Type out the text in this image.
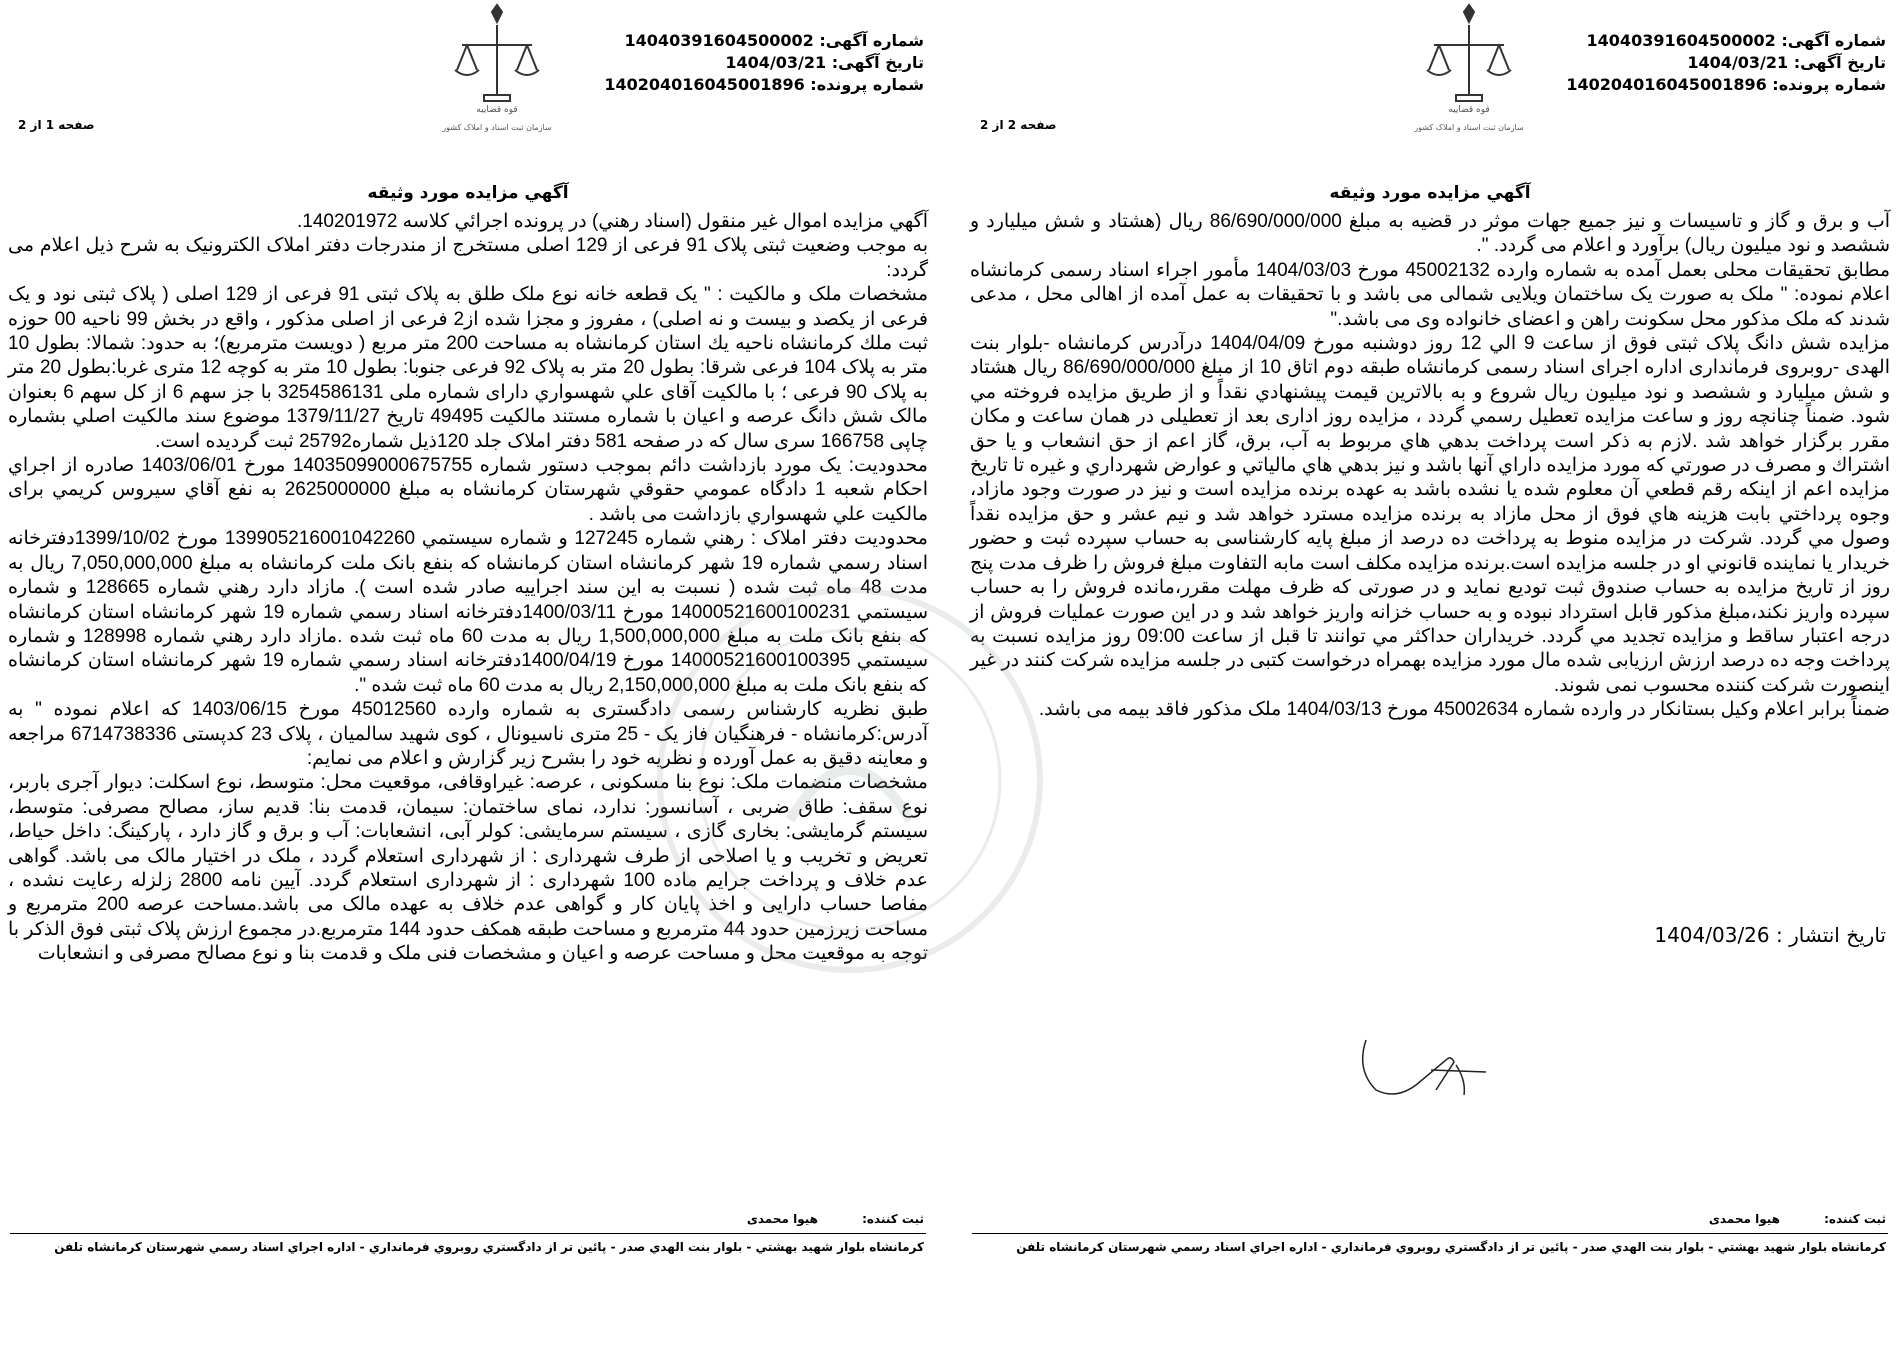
شماره آگهی: 14040391604500002
تاریخ آگهی: 1404/03/21
شماره پرونده: 140204016045001896
قوه قضاییه
سازمان ثبت اسناد و املاک کشور
صفحه 2 از 2
آگهي مزايده مورد وثيقه

آب و برق و گاز و تاسیسات و نیز جمیع جهات موثر در قضیه به مبلغ 86/690/000/000 ریال (هشتاد و شش میلیارد و ششصد و نود میلیون ریال) برآورد و اعلام می گردد. ".

مطابق تحقیقات محلی بعمل آمده به شماره وارده 45002132 مورخ 1404/03/03 مأمور اجراء اسناد رسمی کرمانشاه اعلام نموده: " ملک به صورت یک ساختمان ویلایی شمالی می باشد و با تحقیقات به عمل آمده از اهالی محل ، مدعی شدند که ملک مذکور محل سکونت راهن و اعضای خانواده وی می باشد."

مزايده شش دانگ پلاک ثبتی فوق از ساعت 9 الي 12 روز دوشنبه مورخ 1404/04/09 درآدرس كرمانشاه -بلوار بنت الهدی -روبروی فرمانداری اداره اجرای اسناد رسمی کرمانشاه طبقه دوم اتاق 10 از مبلغ 86/690/000/000 ريال هشتاد و شش میلیارد و ششصد و نود میلیون ريال شروع و به بالاترين قيمت پيشنهادي نقداً و از طريق مزايده فروخته مي شود. ضمناً چنانچه روز و ساعت مزايده تعطيل رسمي گردد ، مزايده روز اداری بعد از تعطيلی در همان ساعت و مكان مقرر برگزار خواهد شد .لازم به ذكر است پرداخت بدهي هاي مربوط به آب، برق، گاز اعم از حق انشعاب و يا حق اشتراك و مصرف در صورتي كه مورد مزايده داراي آنها باشد و نيز بدهي هاي مالياتي و عوارض شهرداري و غيره تا تاريخ مزايده اعم از اينكه رقم قطعي آن معلوم شده يا نشده باشد به عهده برنده مزايده است و نيز در صورت وجود مازاد، وجوه پرداختي بابت هزينه هاي فوق از محل مازاد به برنده مزايده مسترد خواهد شد و نيم عشر و حق مزايده نقداً وصول مي گردد. شرکت در مزايده منوط به پرداخت ده درصد از مبلغ پايه کارشناسی به حساب سپرده ثبت و حضور خريدار يا نماينده قانوني او در جلسه مزايده است.برنده مزايده مکلف است مابه التفاوت مبلغ فروش را ظرف مدت پنج روز از تاريخ مزايده به حساب صندوق ثبت توديع نمايد و در صورتی كه ظرف مهلت مقرر،مانده فروش را به حساب سپرده واريز نکند،مبلغ مذكور قابل استرداد نبوده و به حساب خزانه واريز خواهد شد و در اين صورت عمليات فروش از درجه اعتبار ساقط و مزايده تجديد مي گردد. خريداران حداكثر مي توانند تا قبل از ساعت 09:00 روز مزايده نسبت به پرداخت وجه ده درصد ارزش ارزيابی شده مال مورد مزايده بهمراه درخواست کتبی در جلسه مزايده شرکت کنند در غير اينصورت شرکت کننده محسوب نمی شوند.

ضمناً برابر اعلام وکیل بستانکار در وارده شماره 45002634 مورخ 1404/03/13 ملک مذکور فاقد بیمه می باشد.

تاريخ انتشار : 1404/03/26
ثبت کننده: هیوا محمدی
كرمانشاه بلوار شهيد بهشتي - بلوار بنت الهدي صدر - پائين تر از دادگستري روبروي فرمانداري - اداره اجراي اسناد رسمي شهرستان كرمانشاه تلفن
شماره آگهی: 14040391604500002
تاریخ آگهی: 1404/03/21
شماره پرونده: 140204016045001896
قوه قضاییه
سازمان ثبت اسناد و املاک کشور
صفحه 1 از 2
آگهي مزايده مورد وثيقه

آگهي مزايده اموال غير منقول (اسناد رهني) در پرونده اجرائي كلاسه 140201972.

به موجب وضعیت ثبتی پلاک 91 فرعی از 129 اصلی مستخرج از مندرجات دفتر املاک الکترونیک به شرح ذیل اعلام می گردد:

مشخصات ملک و مالکیت : " یک قطعه خانه نوع ملک طلق به پلاک ثبتی 91 فرعی از 129 اصلی ( پلاک ثبتی نود و یک فرعی از یکصد و بیست و نه اصلی) ، مفروز و مجزا شده از2 فرعی از اصلی مذکور ، واقع در بخش 99 ناحیه 00 حوزه ثبت ملك كرمانشاه ناحیه یك استان كرمانشاه به مساحت 200 متر مربع ( دویست مترمربع)؛ به حدود: شمالا: بطول 10 متر به پلاک 104 فرعی شرقا: بطول 20 متر به پلاک 92 فرعی جنوبا: بطول 10 متر به کوچه 12 متری غربا:بطول 20 متر به پلاک 90 فرعی ؛ با مالکیت آقای علي شهسواري دارای شماره ملی 3254586131 با جز سهم 6 از کل سهم 6 بعنوان مالک شش دانگ عرصه و اعيان با شماره مستند مالکیت 49495 تاریخ 1379/11/27 موضوع سند مالکيت اصلي بشماره چاپی 166758 سری سال که در صفحه 581 دفتر املاک جلد 120ذيل شماره25792 ثبت گرديده است.

محدوديت: يک مورد بازداشت دائم بموجب دستور شماره 14035099000675755 مورخ 1403/06/01 صادره از اجراي احكام شعبه 1 دادگاه عمومي حقوقي شهرستان كرمانشاه به مبلغ 2625000000 به نفع آقاي سيروس كريمي برای مالکيت علي شهسواري بازداشت می باشد .

محدوديت دفتر املاک : رهني شماره 127245 و شماره سيستمي 139905216001042260 مورخ 1399/10/02دفترخانه اسناد رسمي شماره 19 شهر كرمانشاه استان كرمانشاه كه بنفع بانک ملت كرمانشاه به مبلغ 7,050,000,000 ريال به مدت 48 ماه ثبت شده ( نسبت به این سند اجراییه صادر شده است ). مازاد دارد رهني شماره 128665 و شماره سيستمي 14000521600100231 مورخ 1400/03/11دفترخانه اسناد رسمي شماره 19 شهر كرمانشاه استان كرمانشاه كه بنفع بانک ملت به مبلغ 1,500,000,000 ريال به مدت 60 ماه ثبت شده .مازاد دارد رهني شماره 128998 و شماره سيستمي 14000521600100395 مورخ 1400/04/19دفترخانه اسناد رسمي شماره 19 شهر كرمانشاه استان كرمانشاه كه بنفع بانک ملت به مبلغ 2,150,000,000 ريال به مدت 60 ماه ثبت شده ".

طبق نظریه کارشناس رسمی دادگستری به شماره وارده 45012560 مورخ 1403/06/15 که اعلام نموده " به آدرس:كرمانشاه - فرهنگیان فاز یک - 25 متری ناسیونال ، کوی شهید سالمیان ، پلاک 23 کدپستی 6714738336 مراجعه و معاینه دقیق به عمل آورده و نظریه خود را بشرح زیر گزارش و اعلام می نمایم:

مشخصات منضمات ملک: نوع بنا مسکونی ، عرصه: غیراوقافی، موقعیت محل: متوسط، نوع اسکلت: دیوار آجری باربر، نوع سقف: طاق ضربی ، آسانسور: ندارد، نمای ساختمان: سیمان، قدمت بنا: قدیم ساز، مصالح مصرفی: متوسط، سیستم گرمایشی: بخاری گازی ، سیستم سرمایشی: کولر آبی، انشعابات: آب و برق و گاز دارد ، پارکینگ: داخل حیاط، تعریض و تخریب و یا اصلاحی از طرف شهرداری : از شهرداری استعلام گردد ، ملک در اختیار مالک می باشد. گواهی عدم خلاف و پرداخت جرایم ماده 100 شهرداری : از شهرداری استعلام گردد. آیین نامه 2800 زلزله رعایت نشده ، مفاصا حساب دارایی و اخذ پایان کار و گواهی عدم خلاف به عهده مالک می باشد.مساحت عرصه 200 مترمربع و مساحت زیرزمین حدود 44 مترمربع و مساحت طبقه همکف حدود 144 مترمربع.در مجموع ارزش پلاک ثبتی فوق الذکر با توجه به موقعیت محل و مساحت عرصه و اعیان و مشخصات فنی ملک و قدمت بنا و نوع مصالح مصرفی و انشعابات

ثبت کننده: هیوا محمدی
كرمانشاه بلوار شهيد بهشتي - بلوار بنت الهدي صدر - پائين تر از دادگستري روبروي فرمانداري - اداره اجراي اسناد رسمي شهرستان كرمانشاه تلفن
